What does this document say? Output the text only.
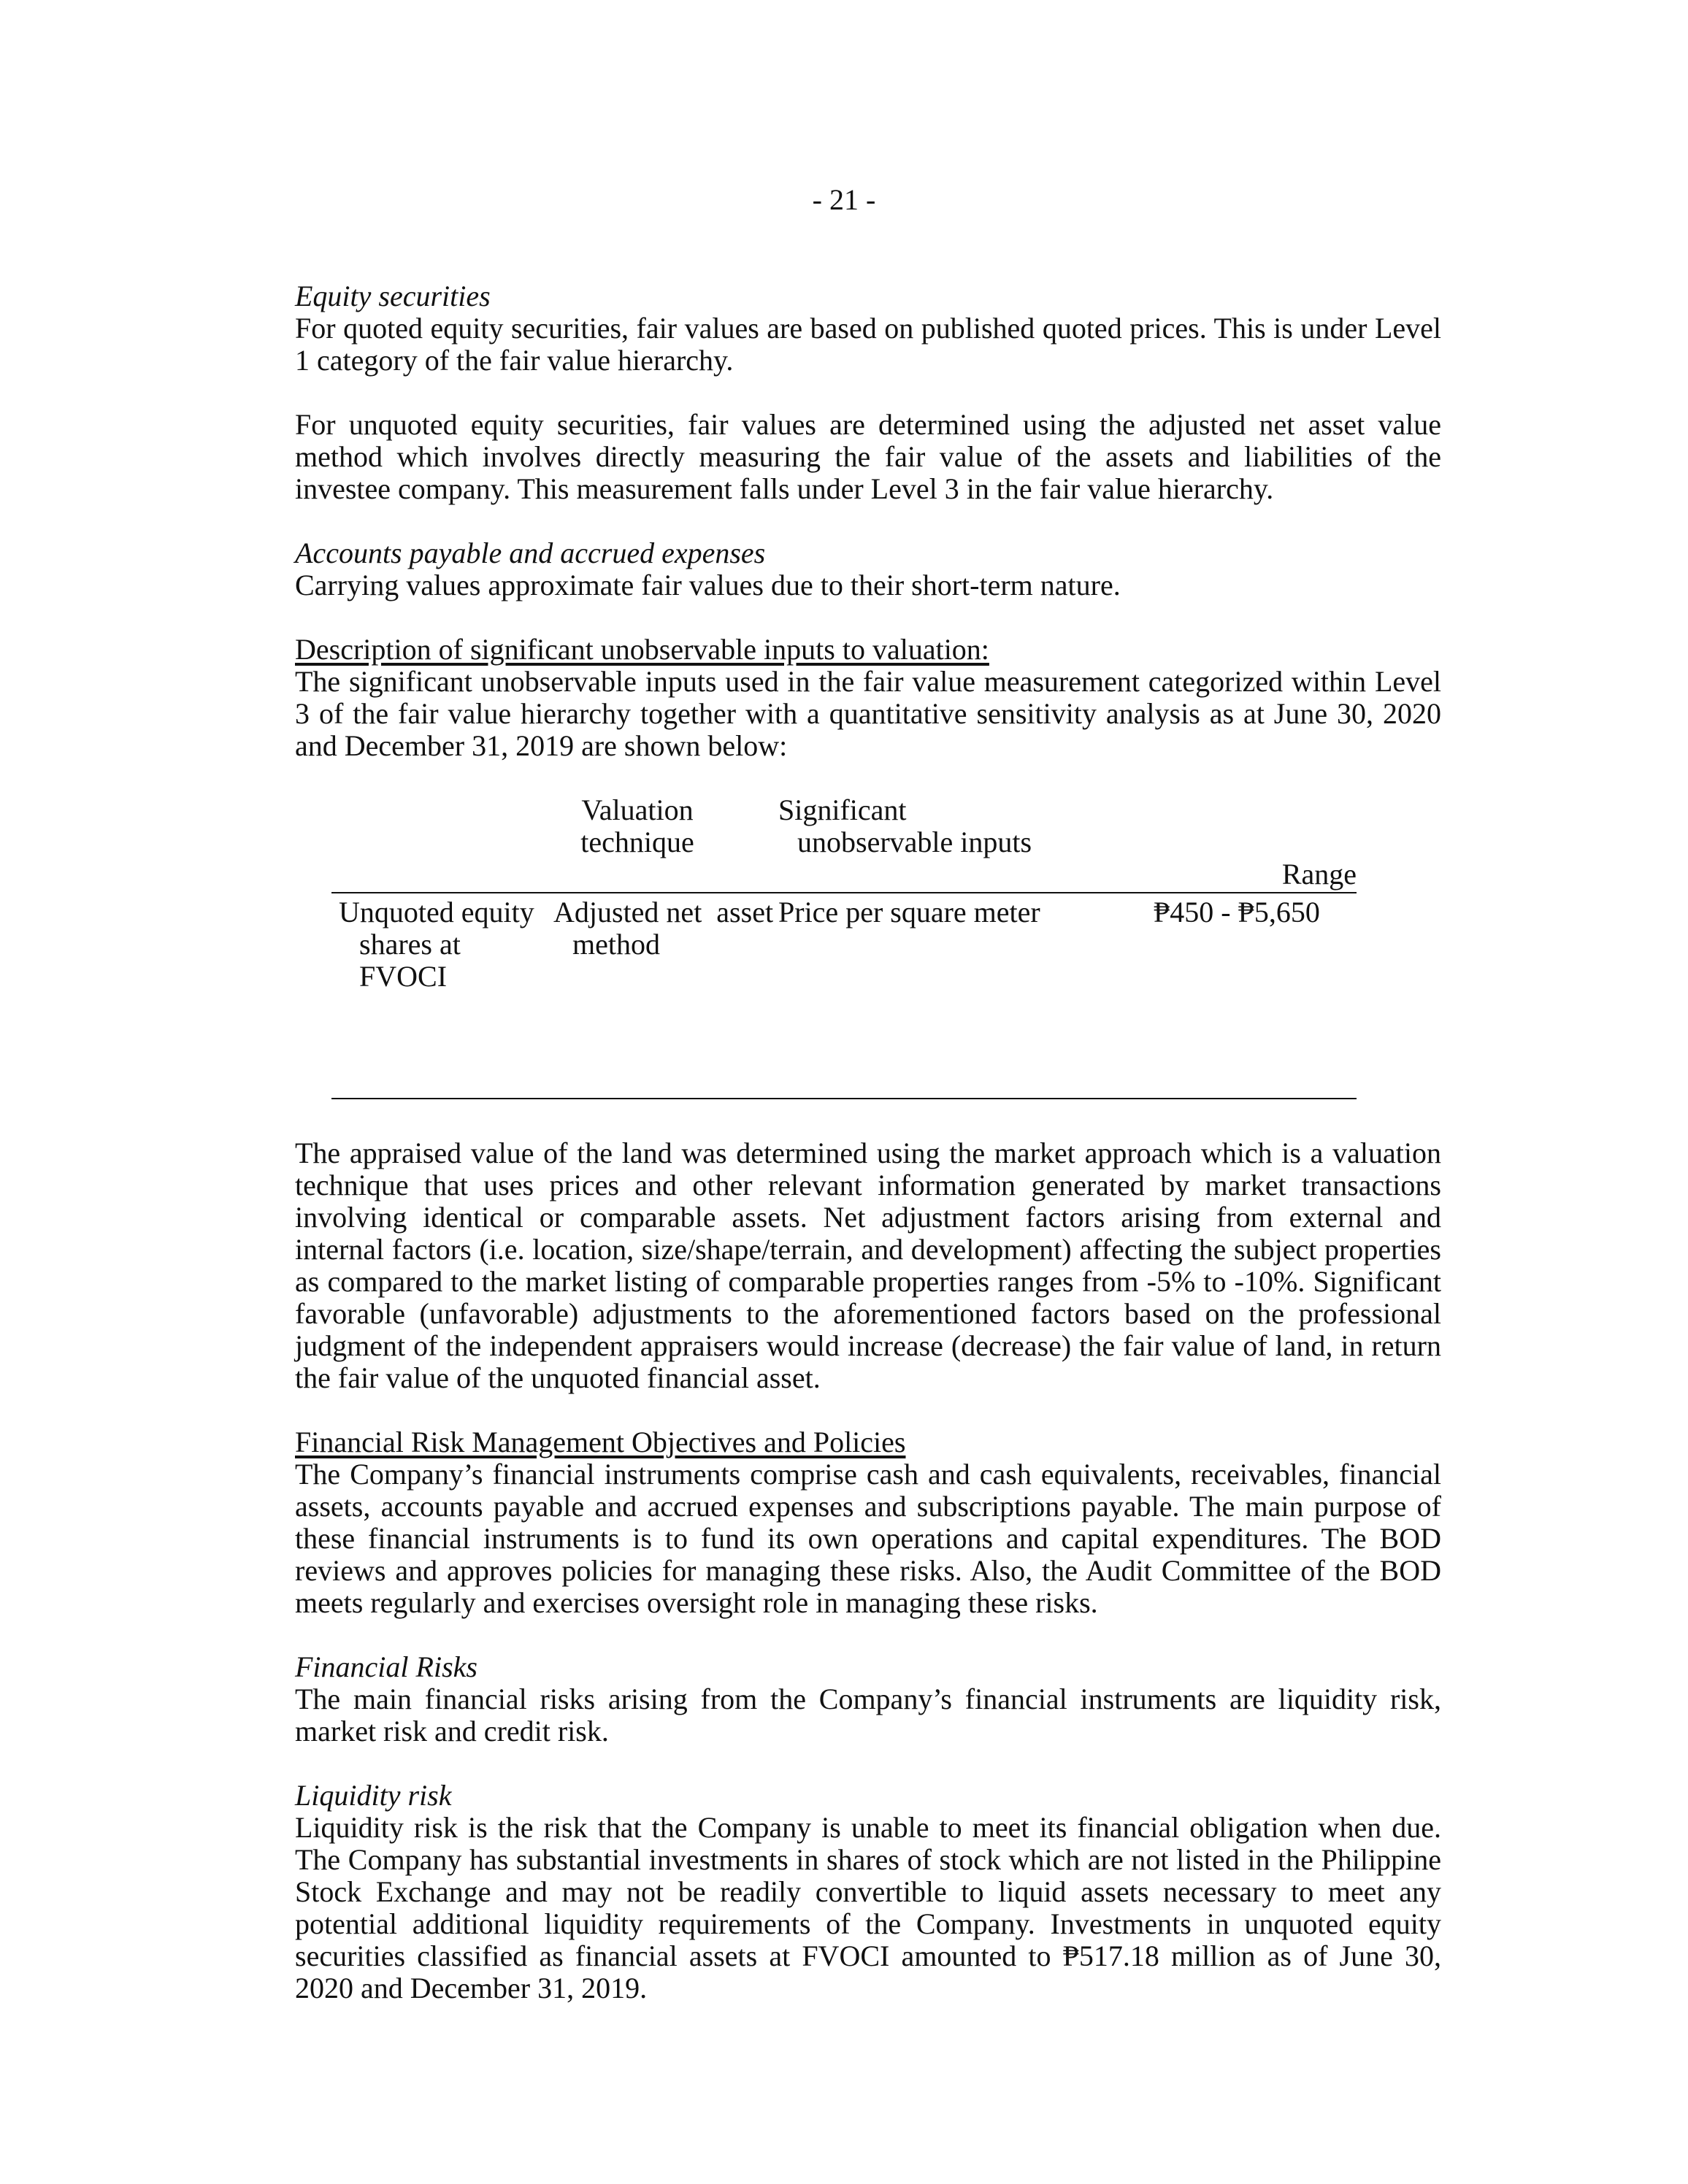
- 21 -
Equity securities

For quoted equity securities, fair values are based on published quoted prices. This is under Level 1 category of the fair value hierarchy.

For unquoted equity securities, fair values are determined using the adjusted net asset value method which involves directly measuring the fair value of the assets and liabilities of the investee company. This measurement falls under Level 3 in the fair value hierarchy.

Accounts payable and accrued expenses

Carrying values approximate fair values due to their short-term nature.

Description of significant unobservable inputs to valuation:

The significant unobservable inputs used in the fair value measurement categorized within Level 3 of the fair value hierarchy together with a quantitative sensitivity analysis as at June 30, 2020 and December 31, 2019 are shown below:

Valuation
technique
Significant
unobservable inputs
Range
Unquoted equity
shares at
FVOCI
Adjusted net  asset
method
Price per square meter	₱450 - ₱5,650

The appraised value of the land was determined using the market approach which is a valuation technique that uses prices and other relevant information generated by market transactions involving identical or comparable assets. Net adjustment factors arising from external and internal factors (i.e. location, size/shape/terrain, and development) affecting the subject properties as compared to the market listing of comparable properties ranges from -5% to -10%. Significant favorable (unfavorable) adjustments to the aforementioned factors based on the professional judgment of the independent appraisers would increase (decrease) the fair value of land, in return the fair value of the unquoted financial asset.

Financial Risk Management Objectives and Policies

The Company’s financial instruments comprise cash and cash equivalents, receivables, financial assets, accounts payable and accrued expenses and subscriptions payable. The main purpose of these financial instruments is to fund its own operations and capital expenditures. The BOD reviews and approves policies for managing these risks. Also, the Audit Committee of the BOD meets regularly and exercises oversight role in managing these risks.

Financial Risks

The main financial risks arising from the Company’s financial instruments are liquidity risk, market risk and credit risk.

Liquidity risk

Liquidity risk is the risk that the Company is unable to meet its financial obligation when due. The Company has substantial investments in shares of stock which are not listed in the Philippine Stock Exchange and may not be readily convertible to liquid assets necessary to meet any potential additional liquidity requirements of the Company. Investments in unquoted equity securities classified as financial assets at FVOCI amounted to ₱517.18 million as of June 30, 2020 and December 31, 2019.
